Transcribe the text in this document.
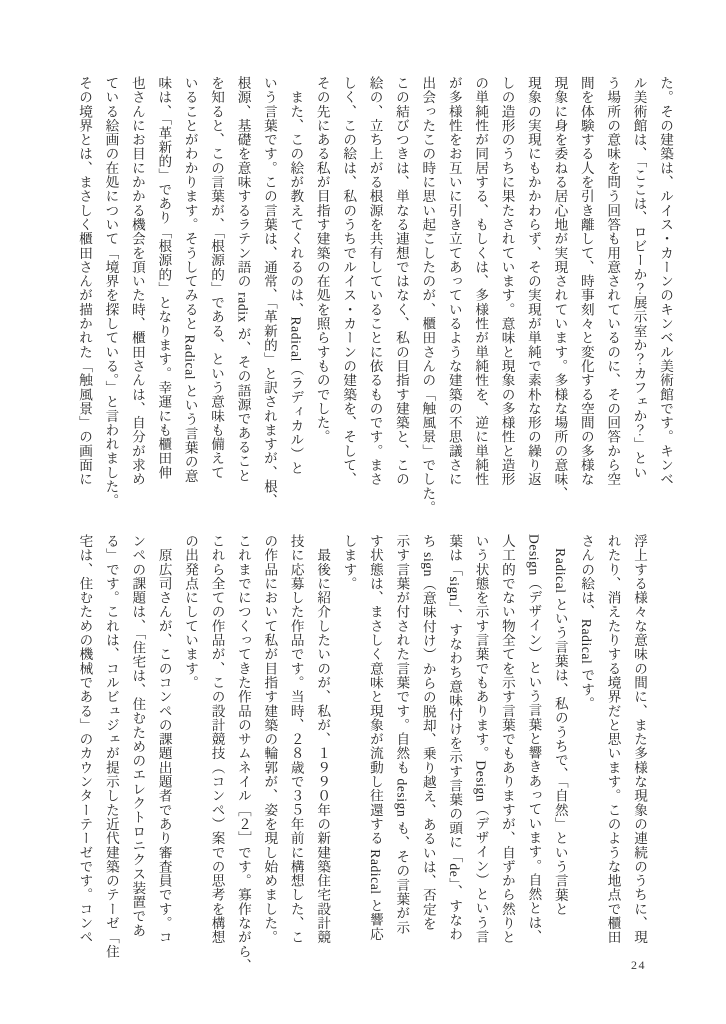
た。その建築は、ルイス・カーンのキンベル美術館です。キンベ

ル美術館は、「ここは、ロビーか？展示室か？カフェか？」とい

う場所の意味を問う回答も用意されているのに、その回答から空

間を体験する人を引き離して、時事刻々と変化する空間の多様な

現象に身を委ねる居心地が実現されています。多様な場所の意味、

現象の実現にもかかわらず、その実現が単純で素朴な形の繰り返

しの造形のうちに果たされています。意味と現象の多様性と造形

の単純性が同居する、もしくは、多様性が単純性を、逆に単純性

が多様性をお互いに引き立てあっているような建築の不思議さに

出会ったこの時に思い起こしたのが、櫃田さんの「触風景」でした。

この結びつきは、単なる連想ではなく、私の目指す建築と、この

絵の、立ち上がる根源を共有していることに依るものです。まさ

しく、この絵は、私のうちでルイス・カーンの建築を、そして、

その先にある私が目指す建築の在処を照らすものでした。

　また、この絵が教えてくれるのは、Radical（ラディカル）と

いう言葉です。この言葉は、通常、「革新的」と訳されますが、根、

根源、基礎を意味するラテン語の radix が、その語源であること

を知ると、この言葉が、「根源的」である、という意味も備えて

いることがわかります。そうしてみると Radical という言葉の意

味は、「革新的」であり「根源的」となります。幸運にも櫃田伸

也さんにお目にかかる機会を頂いた時、櫃田さんは、自分が求め

ている絵画の在処について「境界を探している。」と言われました。

その境界とは、まさしく櫃田さんが描かれた「触風景」の画面に

浮上する様々な意味の間に、また多様な現象の連続のうちに、現

れたり、消えたりする境界だと思います。このような地点で櫃田

さんの絵は、Radical です。

　Radical という言葉は、私のうちで、「自然」という言葉と

Design（デザイン）という言葉と響きあっています。自然とは、

人工的でない物全てを示す言葉でもありますが、自ずから然りと

いう状態を示す言葉でもあります。Design（デザイン）という言

葉は「sign」、すなわち意味付けを示す言葉の頭に「de」、すなわ

ち sign（意味付け）からの脱却、乗り越え、あるいは、否定を

示す言葉が付された言葉です。自然も design も、その言葉が示

す状態は、まさしく意味と現象が流動し往還する Radical と響応

します。

　最後に紹介したいのが、私が、１９９０年の新建築住宅設計競

技に応募した作品です。当時、２８歳で３５年前に構想した、こ

の作品において私が目指す建築の輪郭が、姿を現し始めました。

これまでにつくってきた作品のサムネイル［２］です。寡作ながら、

これら全ての作品が、この設計競技（コンペ）案での思考を構想

の出発点にしています。

　原広司さんが、このコンペの課題出題者であり審査員です。コ

ンペの課題は、「住宅は、住むためのエレクトロニクス装置であ

る」です。これは、コルビュジェが提示した近代建築のテーゼ「住

宅は、住むための機械である」のカウンターテーゼです。コンペ

24
